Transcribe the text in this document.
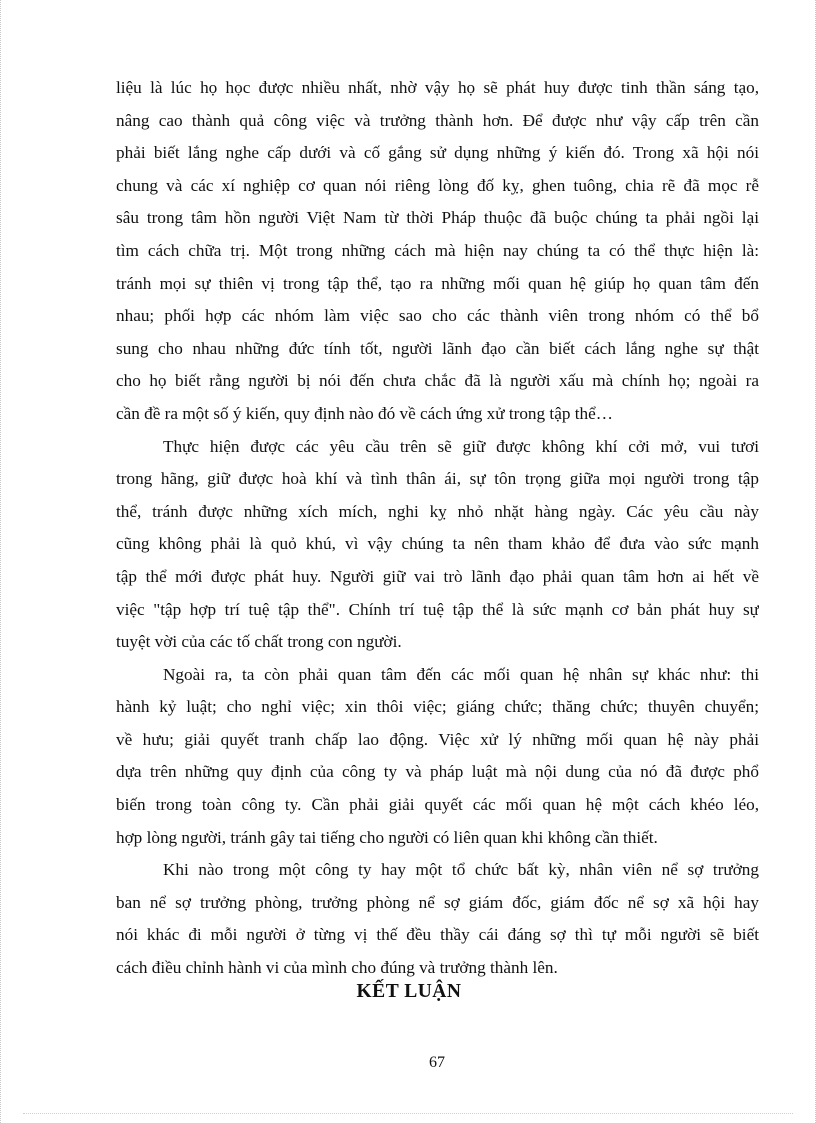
liệu là lúc họ học được nhiều nhất, nhờ vậy họ sẽ phát huy được tinh thần sáng tạo,
nâng cao thành quả công việc và trưởng thành hơn. Để được như vậy cấp trên cần
phải biết lắng nghe cấp dưới và cố gắng sử dụng những ý kiến đó. Trong xã hội nói
chung và các xí nghiệp cơ quan nói riêng lòng đố kỵ, ghen tuông, chia rẽ đã mọc rễ
sâu trong tâm hồn người Việt Nam từ thời Pháp thuộc đã buộc chúng ta phải ngồi lại
tìm cách chữa trị. Một trong những cách mà hiện nay chúng ta có thể thực hiện là:
tránh mọi sự thiên vị trong tập thể, tạo ra những mối quan hệ giúp họ quan tâm đến
nhau; phối hợp các nhóm làm việc sao cho các thành viên trong nhóm có thể bổ
sung cho nhau những đức tính tốt, người lãnh đạo cần biết cách lắng nghe sự thật
cho họ biết rằng người bị nói đến chưa chắc đã là người xấu mà chính họ; ngoài ra
cần đề ra một số ý kiến, quy định nào đó về cách ứng xử trong tập thể…
Thực hiện được các yêu cầu trên sẽ giữ được không khí cởi mở, vui tươi
trong hãng, giữ được hoà khí và tình thân ái, sự tôn trọng giữa mọi người trong tập
thể, tránh được những xích mích, nghi kỵ nhỏ nhặt hàng ngày. Các yêu cầu này
cũng không phải là quỏ khú, vì vậy chúng ta nên tham khảo để đưa vào sức mạnh
tập thể mới được phát huy. Người giữ vai trò lãnh đạo phải quan tâm hơn ai hết về
việc "tập hợp trí tuệ tập thể". Chính trí tuệ tập thể là sức mạnh cơ bản phát huy sự
tuyệt vời của các tố chất trong con người.
Ngoài ra, ta còn phải quan tâm đến các mối quan hệ nhân sự khác như: thi
hành kỷ luật; cho nghỉ việc; xin thôi việc; giáng chức; thăng chức; thuyên chuyển;
về hưu; giải quyết tranh chấp lao động. Việc xử lý những mối quan hệ này phải
dựa trên những quy định của công ty và pháp luật mà nội dung của nó đã được phổ
biến trong toàn công ty. Cần phải giải quyết các mối quan hệ một cách khéo léo,
hợp lòng người, tránh gây tai tiếng cho người có liên quan khi không cần thiết.
Khi nào trong một công ty hay một tổ chức bất kỳ, nhân viên nể sợ trưởng
ban nể sợ trưởng phòng, trưởng phòng nể sợ giám đốc, giám đốc nể sợ xã hội hay
nói khác đi mỗi người ở từng vị thế đều thầy cái đáng sợ thì tự mỗi người sẽ biết
cách điều chỉnh hành vi của mình cho đúng và trưởng thành lên.
KẾT LUẬN
67
